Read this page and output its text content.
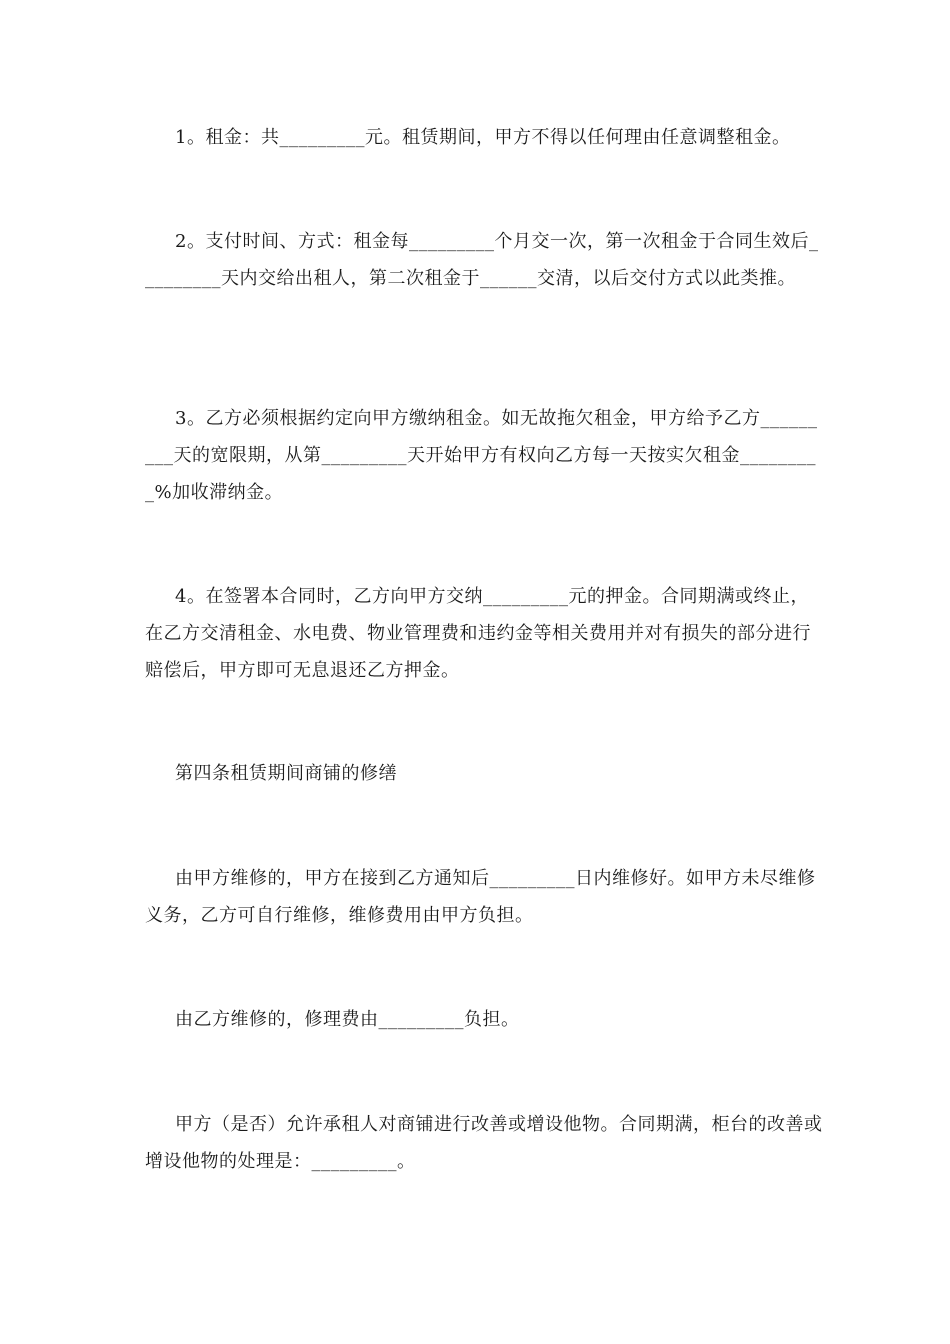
1。租金：共_________元。租赁期间，甲方不得以任何理由任意调整租金。

2。支付时间、方式：租金每_________个月交一次，第一次租金于合同生效后_________天内交给出租人，第二次租金于______交清，以后交付方式以此类推。

3。乙方必须根据约定向甲方缴纳租金。如无故拖欠租金，甲方给予乙方_________天的宽限期，从第_________天开始甲方有权向乙方每一天按实欠租金_________%加收滞纳金。

4。在签署本合同时，乙方向甲方交纳_________元的押金。合同期满或终止，在乙方交清租金、水电费、物业管理费和违约金等相关费用并对有损失的部分进行赔偿后，甲方即可无息退还乙方押金。

第四条租赁期间商铺的修缮

由甲方维修的，甲方在接到乙方通知后_________日内维修好。如甲方未尽维修义务，乙方可自行维修，维修费用由甲方负担。

由乙方维修的，修理费由_________负担。

甲方（是否）允许承租人对商铺进行改善或增设他物。合同期满，柜台的改善或增设他物的处理是：_________。
